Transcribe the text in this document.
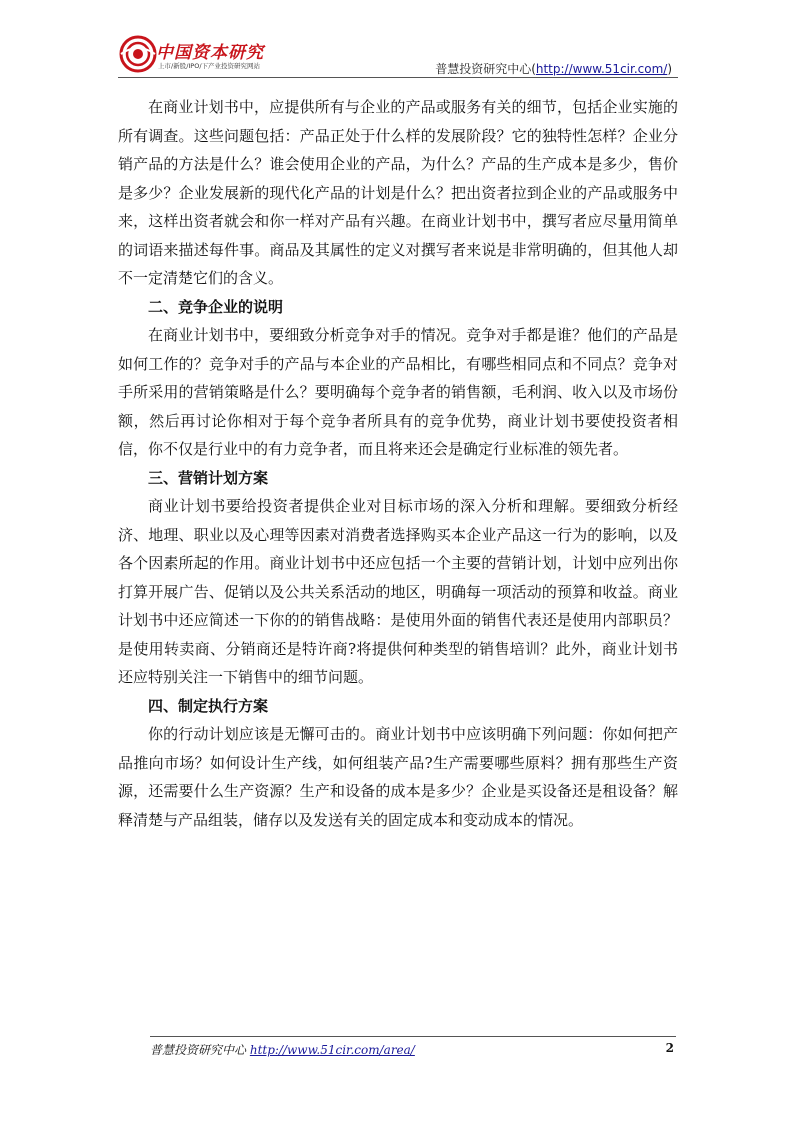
中国资本研究
上市/新股/IPO/下产业投资研究网站	普慧投资研究中心(http://www.51cir.com/)

在商业计划书中，应提供所有与企业的产品或服务有关的细节，包括企业实施的所有调查。这些问题包括：产品正处于什么样的发展阶段？它的独特性怎样？企业分销产品的方法是什么？谁会使用企业的产品，为什么？产品的生产成本是多少，售价是多少？企业发展新的现代化产品的计划是什么？把出资者拉到企业的产品或服务中来，这样出资者就会和你一样对产品有兴趣。在商业计划书中，撰写者应尽量用简单的词语来描述每件事。商品及其属性的定义对撰写者来说是非常明确的，但其他人却不一定清楚它们的含义。

二、竞争企业的说明

在商业计划书中，要细致分析竞争对手的情况。竞争对手都是谁？他们的产品是如何工作的？竞争对手的产品与本企业的产品相比，有哪些相同点和不同点？竞争对手所采用的营销策略是什么？要明确每个竞争者的销售额，毛利润、收入以及市场份额，然后再讨论你相对于每个竞争者所具有的竞争优势，商业计划书要使投资者相信，你不仅是行业中的有力竞争者，而且将来还会是确定行业标准的领先者。

三、营销计划方案

商业计划书要给投资者提供企业对目标市场的深入分析和理解。要细致分析经济、地理、职业以及心理等因素对消费者选择购买本企业产品这一行为的影响，以及各个因素所起的作用。商业计划书中还应包括一个主要的营销计划，计划中应列出你打算开展广告、促销以及公共关系活动的地区，明确每一项活动的预算和收益。商业计划书中还应简述一下你的的销售战略：是使用外面的销售代表还是使用内部职员？是使用转卖商、分销商还是特许商?将提供何种类型的销售培训？此外，商业计划书还应特别关注一下销售中的细节问题。

四、制定执行方案

你的行动计划应该是无懈可击的。商业计划书中应该明确下列问题：你如何把产品推向市场？如何设计生产线，如何组装产品?生产需要哪些原料？拥有那些生产资源，还需要什么生产资源？生产和设备的成本是多少？企业是买设备还是租设备？解释清楚与产品组装，储存以及发送有关的固定成本和变动成本的情况。

普慧投资研究中心 http://www.51cir.com/area/	2
